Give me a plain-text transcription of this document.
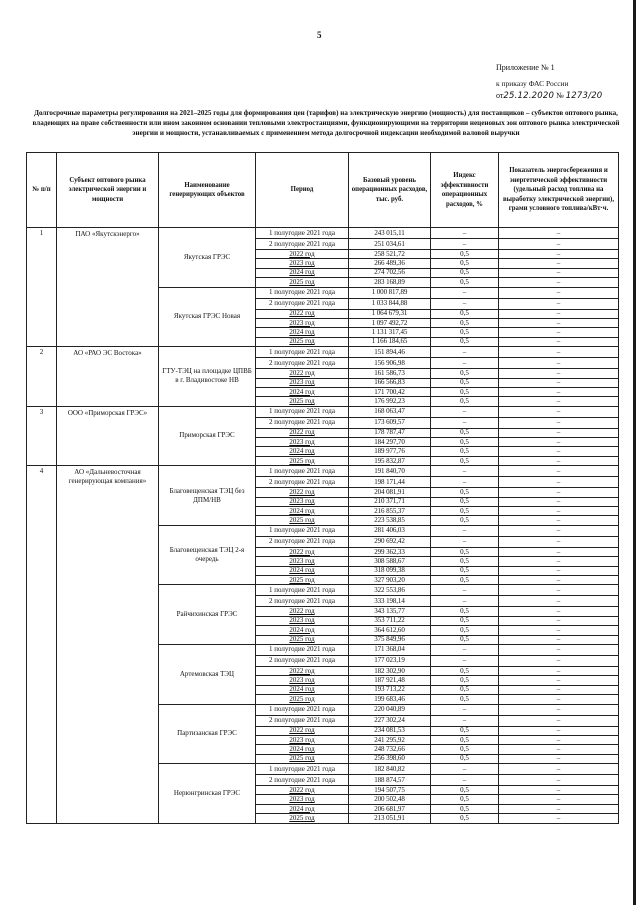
5
Приложение № 1
к приказу ФАС России
от25.12.2020 № 1273/20
Долгосрочные параметры регулирования на 2021–2025 годы для формирования цен (тарифов) на электрическую энергию (мощность) для поставщиков – субъектов оптового рынка, владеющих на праве собственности или ином законном основании тепловыми электростанциями, функционирующими на территории неценовых зон оптового рынка электрической энергии и мощности, устанавливаемых с применением метода долгосрочной индексации необходимой валовой выручки
№ п/п	Субъект оптового рынка электрической энергии и мощности	Наименование генерирующих объектов	Период	Базовый уровень операционных расходов, тыс. руб.	Индекс эффективности операционных расходов, %	Показатель энергосбережения и энергетической эффективности (удельный расход топлива на выработку электрической энергии), грами условного топлива/кВт·ч.
1	ПАО «Якутскэнерго»	Якутская ГРЭС	1 полугодие 2021 года	243 015,11	–	–
			2 полугодие 2021 года	251 034,61	–	–
			2022 год	258 521,72	0,5	–
			2023 год	266 489,36	0,5	–
			2024 год	274 702,56	0,5	–
			2025 год	283 168,89	0,5	–
		Якутская ГРЭС Новая	1 полугодие 2021 года	1 000 817,89	–	–
			2 полугодие 2021 года	1 033 844,88	–	–
			2022 год	1 064 679,31	0,5	–
			2023 год	1 097 492,72	0,5	–
			2024 год	1 131 317,45	0,5	–
			2025 год	1 166 184,65	0,5	–
2	АО «РАО ЭС Востока»	ГТУ-ТЭЦ на площадке ЦПВБ в г. Владивостоке НВ	1 полугодие 2021 года	151 894,46	–	–
			2 полугодие 2021 года	156 906,98	–	–
			2022 год	161 586,73	0,5	–
			2023 год	166 566,83	0,5	–
			2024 год	171 700,42	0,5	–
			2025 год	176 992,23	0,5	–
3	ООО «Приморская ГРЭС»	Приморская ГРЭС	1 полугодие 2021 года	168 063,47	–	–
			2 полугодие 2021 года	173 609,57	–	–
			2022 год	178 787,47	0,5	–
			2023 год	184 297,70	0,5	–
			2024 год	189 977,76	0,5	–
			2025 год	195 832,87	0,5	–
4	АО «Дальневосточная генерирующая компания»	Благовещенская ТЭЦ без ДПМ/НВ	1 полугодие 2021 года	191 840,70	–	–
			2 полугодие 2021 года	198 171,44	–	–
			2022 год	204 081,91	0,5	–
			2023 год	210 371,71	0,5	–
			2024 год	216 855,37	0,5	–
			2025 год	223 538,85	0,5	–
		Благовещенская ТЭЦ 2-я очередь	1 полугодие 2021 года	281 406,03	–	–
			2 полугодие 2021 года	290 692,42	–	–
			2022 год	299 362,33	0,5	–
			2023 год	308 588,67	0,5	–
			2024 год	318 099,38	0,5	–
			2025 год	327 903,20	0,5	–
		Райчихинская ГРЭС	1 полугодие 2021 года	322 553,86	–	–
			2 полугодие 2021 года	333 198,14	–	–
			2022 год	343 135,77	0,5	–
			2023 год	353 711,22	0,5	–
			2024 год	364 612,60	0,5	–
			2025 год	375 849,96	0,5	–
		Артемовская ТЭЦ	1 полугодие 2021 года	171 368,04	–	–
			2 полугодие 2021 года	177 023,19	–	–
			2022 год	182 302,90	0,5	–
			2023 год	187 921,48	0,5	–
			2024 год	193 713,22	0,5	–
			2025 год	199 683,46	0,5	–
		Партизанская ГРЭС	1 полугодие 2021 года	220 040,89	–	–
			2 полугодие 2021 года	227 302,24	–	–
			2022 год	234 081,53	0,5	–
			2023 год	241 295,92	0,5	–
			2024 год	248 732,66	0,5	–
			2025 год	256 398,60	0,5	–
		Нерюнгринская ГРЭС	1 полугодие 2021 года	182 840,82	–	–
			2 полугодие 2021 года	188 874,57	–	–
			2022 год	194 507,75	0,5	–
			2023 год	200 502,48	0,5	–
			2024 год	206 681,97	0,5	–
			2025 год	213 051,91	0,5	–
